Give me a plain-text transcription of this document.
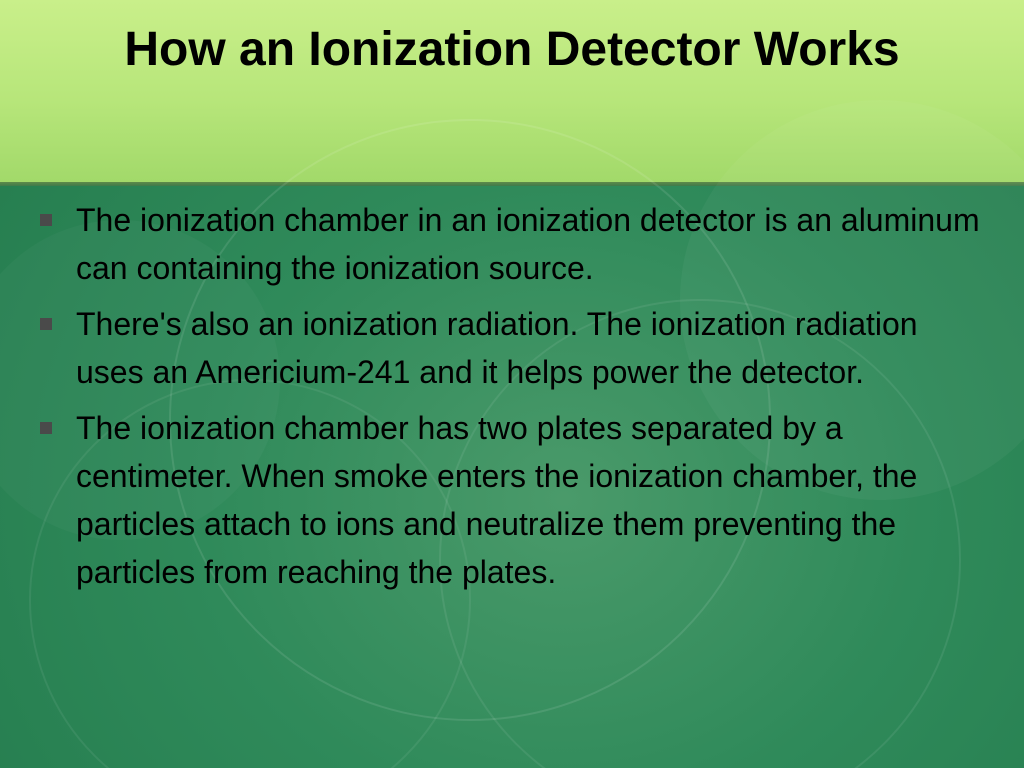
How an Ionization Detector Works
The ionization chamber in an ionization detector is an aluminum can containing the ionization source.
There's also an ionization radiation. The ionization radiation uses an Americium-241 and it helps power the detector.
The ionization chamber has two plates separated by a centimeter. When smoke enters the ionization chamber, the particles attach to ions and neutralize them preventing the particles from reaching the plates.
